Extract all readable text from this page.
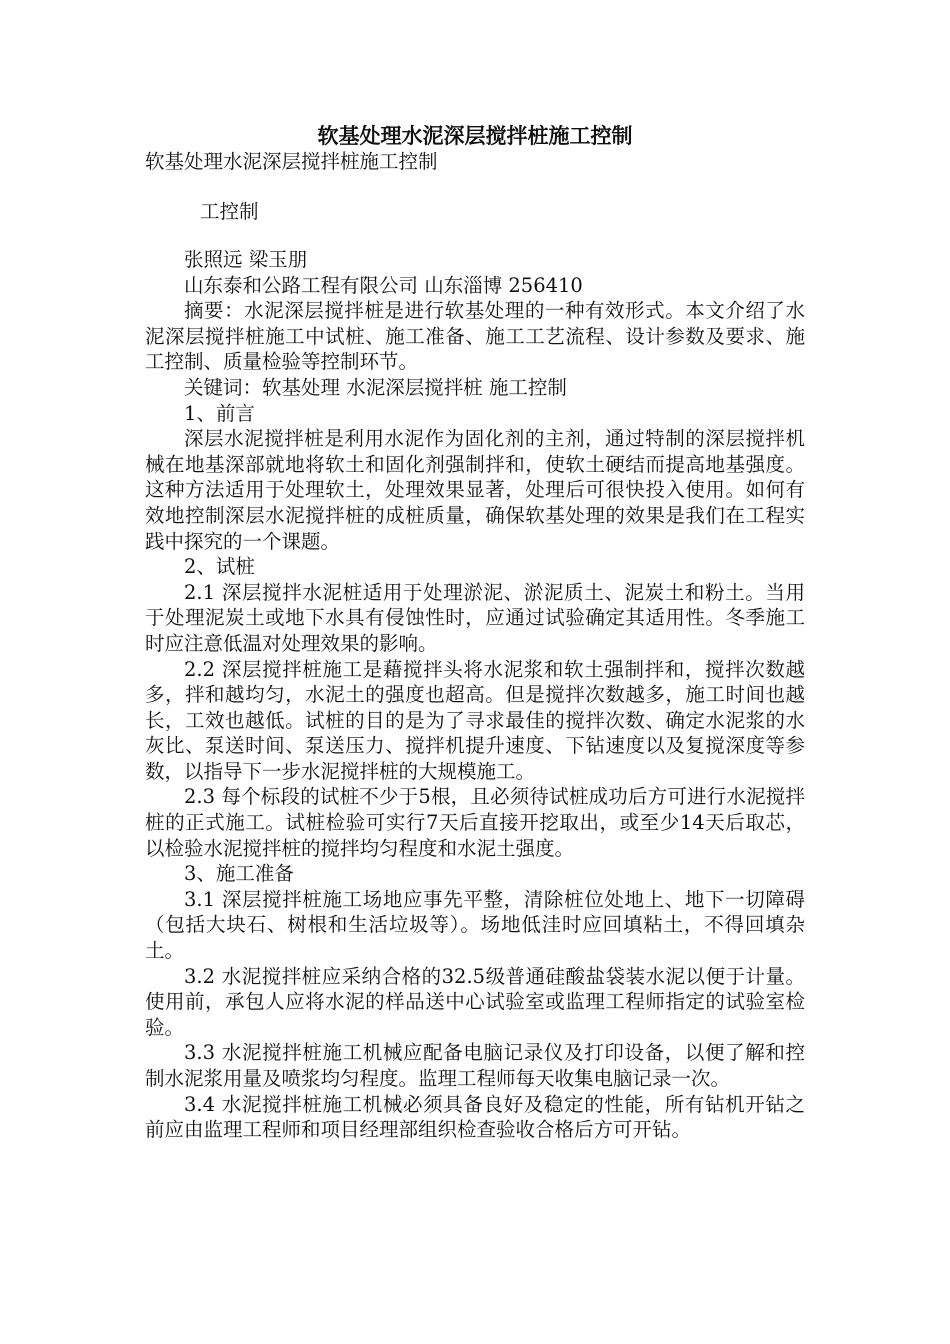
软基处理水泥深层搅拌桩施工控制
软基处理水泥深层搅拌桩施工控制
工控制

张照远 梁玉朋

山东泰和公路工程有限公司 山东淄博 256410

摘要：水泥深层搅拌桩是进行软基处理的一种有效形式。本文介绍了水泥深层搅拌桩施工中试桩、施工准备、施工工艺流程、设计参数及要求、施工控制、质量检验等控制环节。

关键词：软基处理 水泥深层搅拌桩 施工控制

1、前言

深层水泥搅拌桩是利用水泥作为固化剂的主剂，通过特制的深层搅拌机械在地基深部就地将软土和固化剂强制拌和，使软土硬结而提高地基强度。这种方法适用于处理软土，处理效果显著，处理后可很快投入使用。如何有效地控制深层水泥搅拌桩的成桩质量，确保软基处理的效果是我们在工程实践中探究的一个课题。

2、试桩

2.1 深层搅拌水泥桩适用于处理淤泥、淤泥质土、泥炭土和粉土。当用于处理泥炭土或地下水具有侵蚀性时，应通过试验确定其适用性。冬季施工时应注意低温对处理效果的影响。

2.2 深层搅拌桩施工是藉搅拌头将水泥浆和软土强制拌和，搅拌次数越多，拌和越均匀，水泥土的强度也超高。但是搅拌次数越多，施工时间也越长，工效也越低。试桩的目的是为了寻求最佳的搅拌次数、确定水泥浆的水灰比、泵送时间、泵送压力、搅拌机提升速度、下钻速度以及复搅深度等参数，以指导下一步水泥搅拌桩的大规模施工。

2.3 每个标段的试桩不少于5根，且必须待试桩成功后方可进行水泥搅拌桩的正式施工。试桩检验可实行7天后直接开挖取出，或至少14天后取芯，以检验水泥搅拌桩的搅拌均匀程度和水泥土强度。

3、施工准备

3.1 深层搅拌桩施工场地应事先平整，清除桩位处地上、地下一切障碍（包括大块石、树根和生活垃圾等）。场地低洼时应回填粘土，不得回填杂土。

3.2 水泥搅拌桩应采纳合格的32.5级普通硅酸盐袋装水泥以便于计量。使用前，承包人应将水泥的样品送中心试验室或监理工程师指定的试验室检验。

3.3 水泥搅拌桩施工机械应配备电脑记录仪及打印设备，以便了解和控制水泥浆用量及喷浆均匀程度。监理工程师每天收集电脑记录一次。

3.4 水泥搅拌桩施工机械必须具备良好及稳定的性能，所有钻机开钻之前应由监理工程师和项目经理部组织检查验收合格后方可开钻。
